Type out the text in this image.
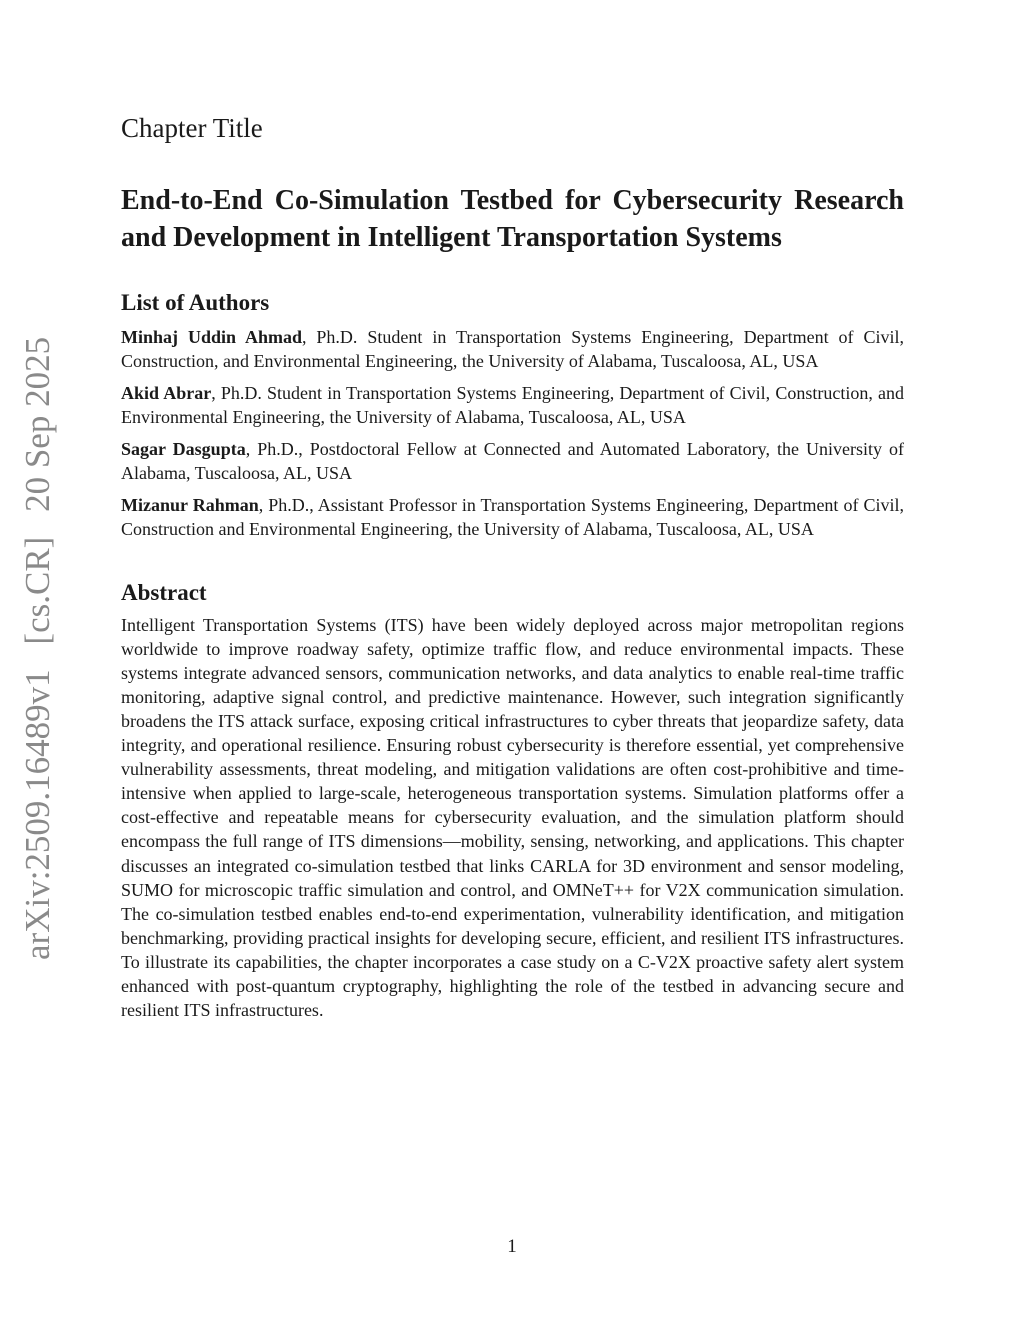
arXiv:2509.16489v1 [cs.CR] 20 Sep 2025
Chapter Title
End-to-End Co-Simulation Testbed for Cybersecurity Research and Development in Intelligent Transportation Systems
List of Authors

Minhaj Uddin Ahmad, Ph.D. Student in Transportation Systems Engineering, Department of Civil, Construction, and Environmental Engineering, the University of Alabama, Tuscaloosa, AL, USA

Akid Abrar, Ph.D. Student in Transportation Systems Engineering, Department of Civil, Construction, and Environmental Engineering, the University of Alabama, Tuscaloosa, AL, USA

Sagar Dasgupta, Ph.D., Postdoctoral Fellow at Connected and Automated Laboratory, the University of Alabama, Tuscaloosa, AL, USA

Mizanur Rahman, Ph.D., Assistant Professor in Transportation Systems Engineering, Department of Civil, Construction and Environmental Engineering, the University of Alabama, Tuscaloosa, AL, USA

Abstract

Intelligent Transportation Systems (ITS) have been widely deployed across major metropolitan regions worldwide to improve roadway safety, optimize traffic flow, and reduce environmental impacts. These systems integrate advanced sensors, communication networks, and data analytics to enable real-time traffic monitoring, adaptive signal control, and predictive maintenance. However, such integration significantly broadens the ITS attack surface, exposing critical infrastructures to cyber threats that jeopardize safety, data integrity, and operational resilience. Ensuring robust cybersecurity is therefore essential, yet comprehensive vulnerability assessments, threat modeling, and mitigation validations are often cost-prohibitive and time-intensive when applied to large-scale, heterogeneous transportation systems. Simulation platforms offer a cost-effective and repeatable means for cybersecurity evaluation, and the simulation platform should encompass the full range of ITS dimensions—mobility, sensing, networking, and applications. This chapter discusses an integrated co-simulation testbed that links CARLA for 3D environment and sensor modeling, SUMO for microscopic traffic simulation and control, and OMNeT++ for V2X communication simulation. The co-simulation testbed enables end-to-end experimentation, vulnerability identification, and mitigation benchmarking, providing practical insights for developing secure, efficient, and resilient ITS infrastructures. To illustrate its capabilities, the chapter incorporates a case study on a C-V2X proactive safety alert system enhanced with post-quantum cryptography, highlighting the role of the testbed in advancing secure and resilient ITS infrastructures.

1
